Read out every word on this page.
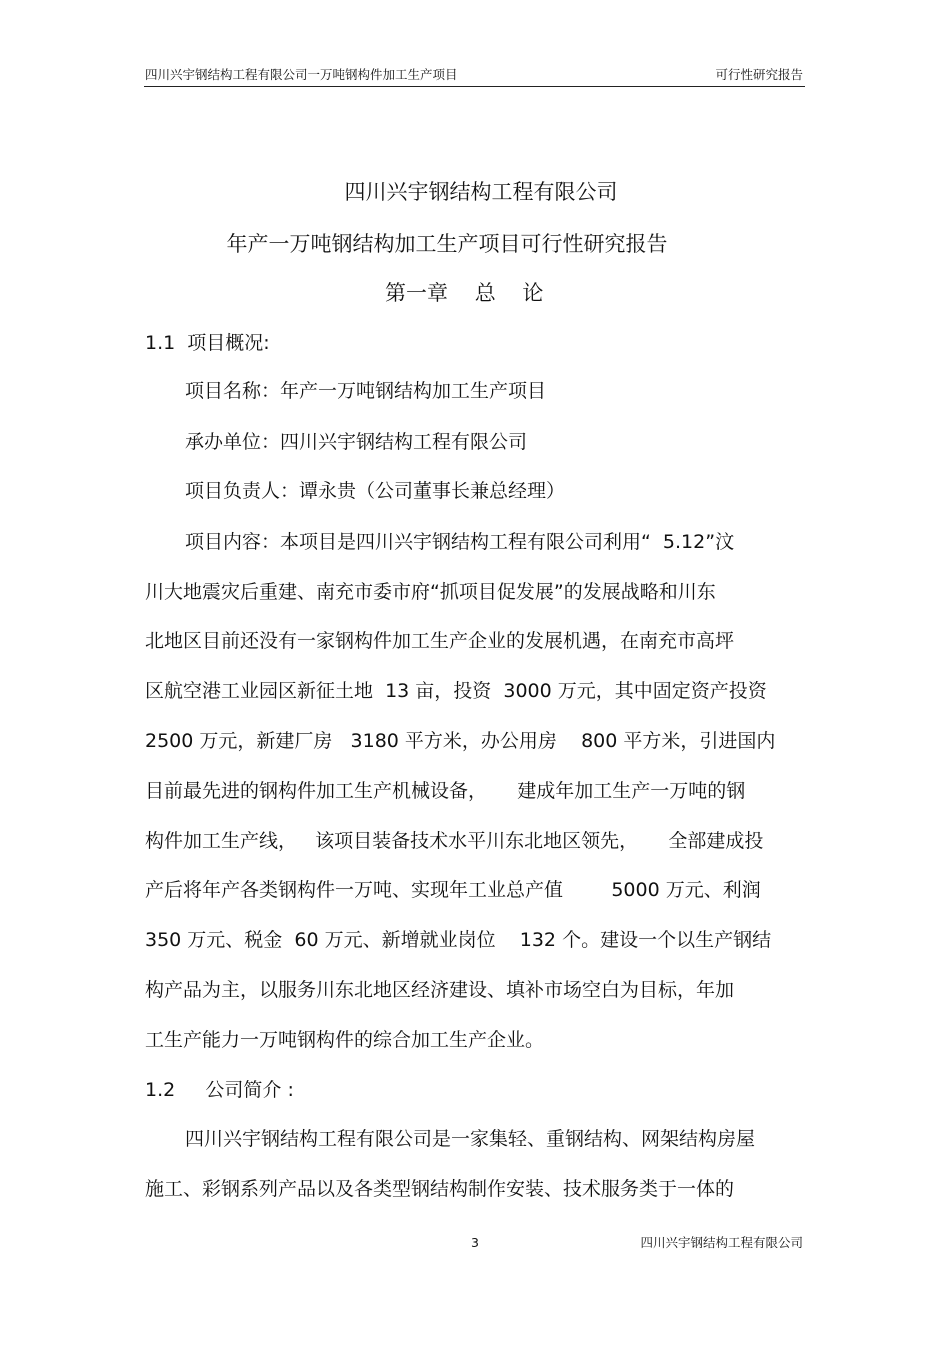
四川兴宇钢结构工程有限公司一万吨钢构件加工生产项目	可行性研究报告
四川兴宇钢结构工程有限公司
年产一万吨钢结构加工生产项目可行性研究报告
第一章    总    论
1.1  项目概况:
项目名称：年产一万吨钢结构加工生产项目
承办单位：四川兴宇钢结构工程有限公司
项目负责人：谭永贵（公司董事长兼总经理）
项目内容：本项目是四川兴宇钢结构工程有限公司利用“  5.12”汶
川大地震灾后重建、南充市委市府“抓项目促发展”的发展战略和川东
北地区目前还没有一家钢构件加工生产企业的发展机遇，在南充市高坪
区航空港工业园区新征土地  13 亩，投资  3000 万元，其中固定资产投资
2500 万元，新建厂房   3180 平方米，办公用房    800 平方米，引进国内
目前最先进的钢构件加工生产机械设备，     建成年加工生产一万吨的钢
构件加工生产线，   该项目装备技术水平川东北地区领先，     全部建成投
产后将年产各类钢构件一万吨、实现年工业总产值        5000 万元、利润
350 万元、税金  60 万元、新增就业岗位    132 个。建设一个以生产钢结
构产品为主，以服务川东北地区经济建设、填补市场空白为目标，年加
工生产能力一万吨钢构件的综合加工生产企业。
1.2     公司简介 :
四川兴宇钢结构工程有限公司是一家集轻、重钢结构、网架结构房屋
施工、彩钢系列产品以及各类型钢结构制作安装、技术服务类于一体的
3	四川兴宇钢结构工程有限公司
